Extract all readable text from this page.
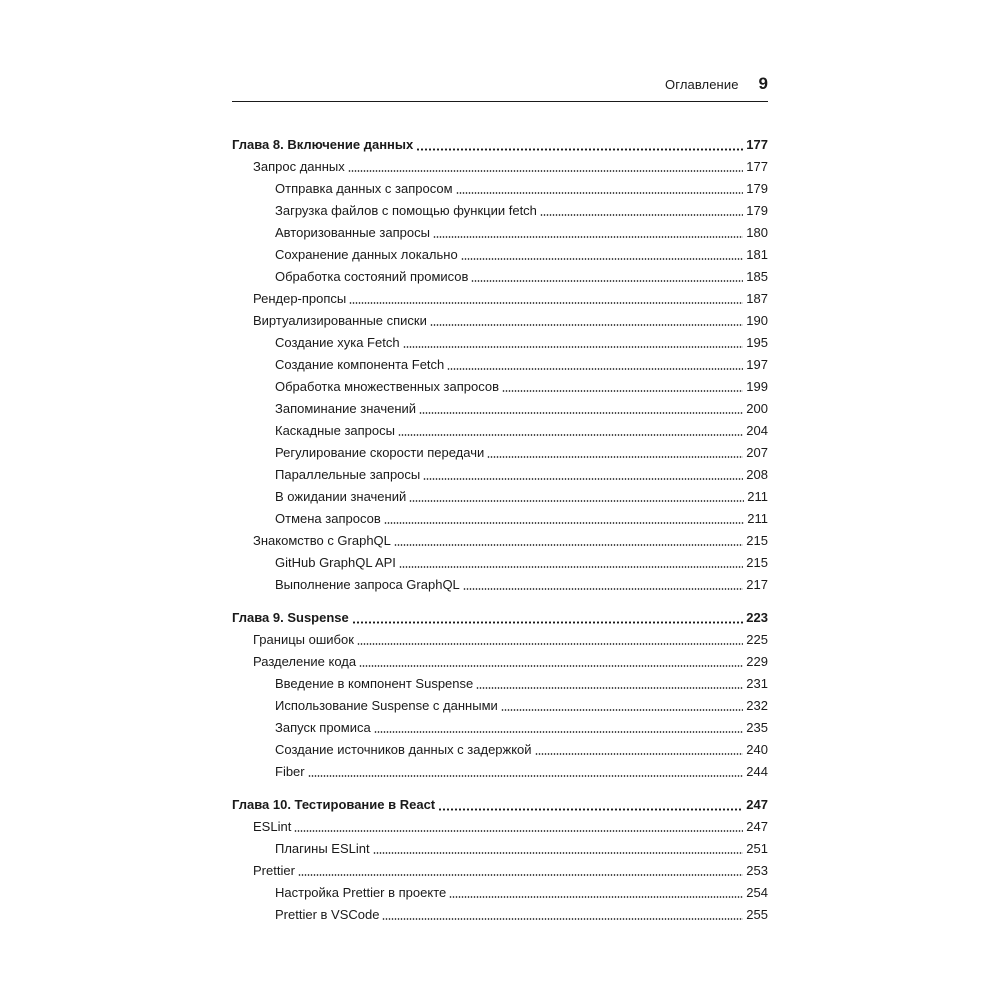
Оглавление 9
Глава 8. Включение данных	177
Запрос данных	177
Отправка данных с запросом	179
Загрузка файлов с помощью функции fetch	179
Авторизованные запросы	180
Сохранение данных локально	181
Обработка состояний промисов	185
Рендер-пропсы	187
Виртуализированные списки	190
Создание хука Fetch	195
Создание компонента Fetch	197
Обработка множественных запросов	199
Запоминание значений	200
Каскадные запросы	204
Регулирование скорости передачи	207
Параллельные запросы	208
В ожидании значений	211
Отмена запросов	211
Знакомство с GraphQL	215
GitHub GraphQL API	215
Выполнение запроса GraphQL	217
Глава 9. Suspense	223
Границы ошибок	225
Разделение кода	229
Введение в компонент Suspense	231
Использование Suspense с данными	232
Запуск промиса	235
Создание источников данных с задержкой	240
Fiber	244
Глава 10. Тестирование в React	247
ESLint	247
Плагины ESLint	251
Prettier	253
Настройка Prettier в проекте	254
Prettier в VSCode	255
